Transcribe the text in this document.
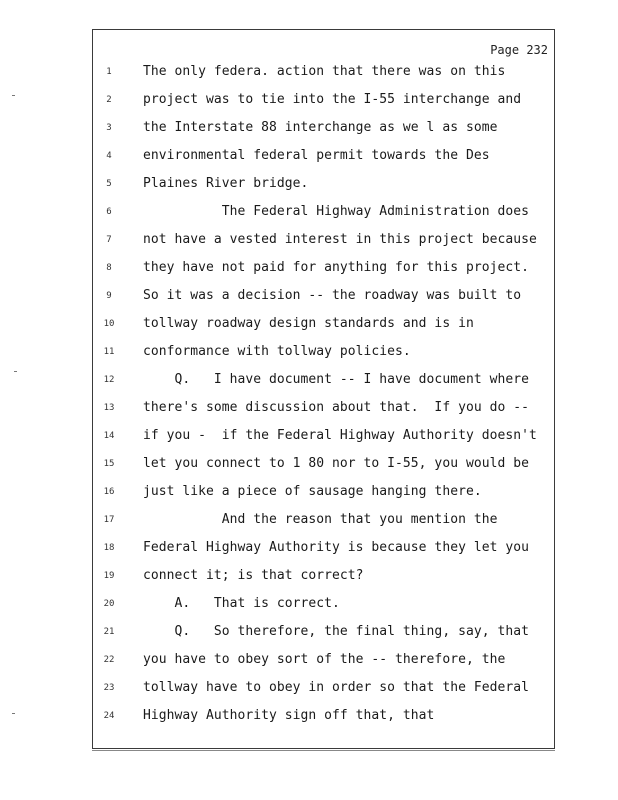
Page 232
1	The only federa. action that there was on this
2	project was to tie into the I-55 interchange and
3	the Interstate 88 interchange as we l as some
4	environmental federal permit towards the Des
5	Plaines River bridge.
6	The Federal Highway Administration does
7	not have a vested interest in this project because
8	they have not paid for anything for this project.
9	So it was a decision -- the roadway was built to
10	tollway roadway design standards and is in
11	conformance with tollway policies.
12	Q.   I have document -- I have document where
13	there's some discussion about that.  If you do --
14	if you -  if the Federal Highway Authority doesn't
15	let you connect to 1 80 nor to I-55, you would be
16	just like a piece of sausage hanging there.
17	And the reason that you mention the
18	Federal Highway Authority is because they let you
19	connect it; is that correct?
20	A.   That is correct.
21	Q.   So therefore, the final thing, say, that
22	you have to obey sort of the -- therefore, the
23	tollway have to obey in order so that the Federal
24	Highway Authority sign off that, that
